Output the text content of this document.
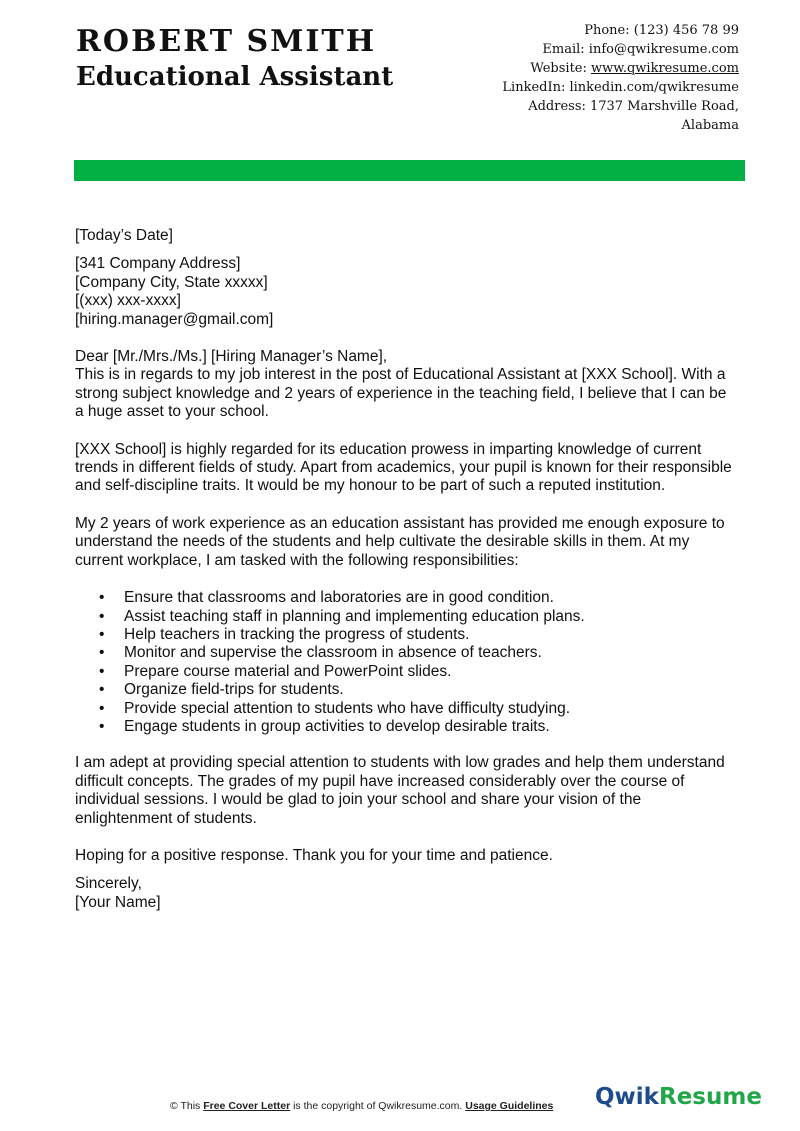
ROBERT SMITH
Educational Assistant
Phone: (123) 456 78 99
Email: info@qwikresume.com
Website: www.qwikresume.com
LinkedIn: linkedin.com/qwikresume
Address: 1737 Marshville Road,
Alabama

[Today’s Date]

[341 Company Address]

[Company City, State xxxxx]

[(xxx) xxx-xxxx]

[hiring.manager@gmail.com]

Dear [Mr./Mrs./Ms.] [Hiring Manager’s Name],

This is in regards to my job interest in the post of Educational Assistant at [XXX School]. With a strong subject knowledge and 2 years of experience in the teaching field, I believe that I can be a huge asset to your school.

[XXX School] is highly regarded for its education prowess in imparting knowledge of current trends in different fields of study. Apart from academics, your pupil is known for their responsible and self-discipline traits. It would be my honour to be part of such a reputed institution.

My 2 years of work experience as an education assistant has provided me enough exposure to understand the needs of the students and help cultivate the desirable skills in them. At my current workplace, I am tasked with the following responsibilities:

• Ensure that classrooms and laboratories are in good condition.
• Assist teaching staff in planning and implementing education plans.
• Help teachers in tracking the progress of students.
• Monitor and supervise the classroom in absence of teachers.
• Prepare course material and PowerPoint slides.
• Organize field-trips for students.
• Provide special attention to students who have difficulty studying.
• Engage students in group activities to develop desirable traits.

I am adept at providing special attention to students with low grades and help them understand difficult concepts. The grades of my pupil have increased considerably over the course of individual sessions. I would be glad to join your school and share your vision of the enlightenment of students.

Hoping for a positive response. Thank you for your time and patience.

Sincerely,

[Your Name]

© This Free Cover Letter is the copyright of Qwikresume.com. Usage Guidelines QwikResume
